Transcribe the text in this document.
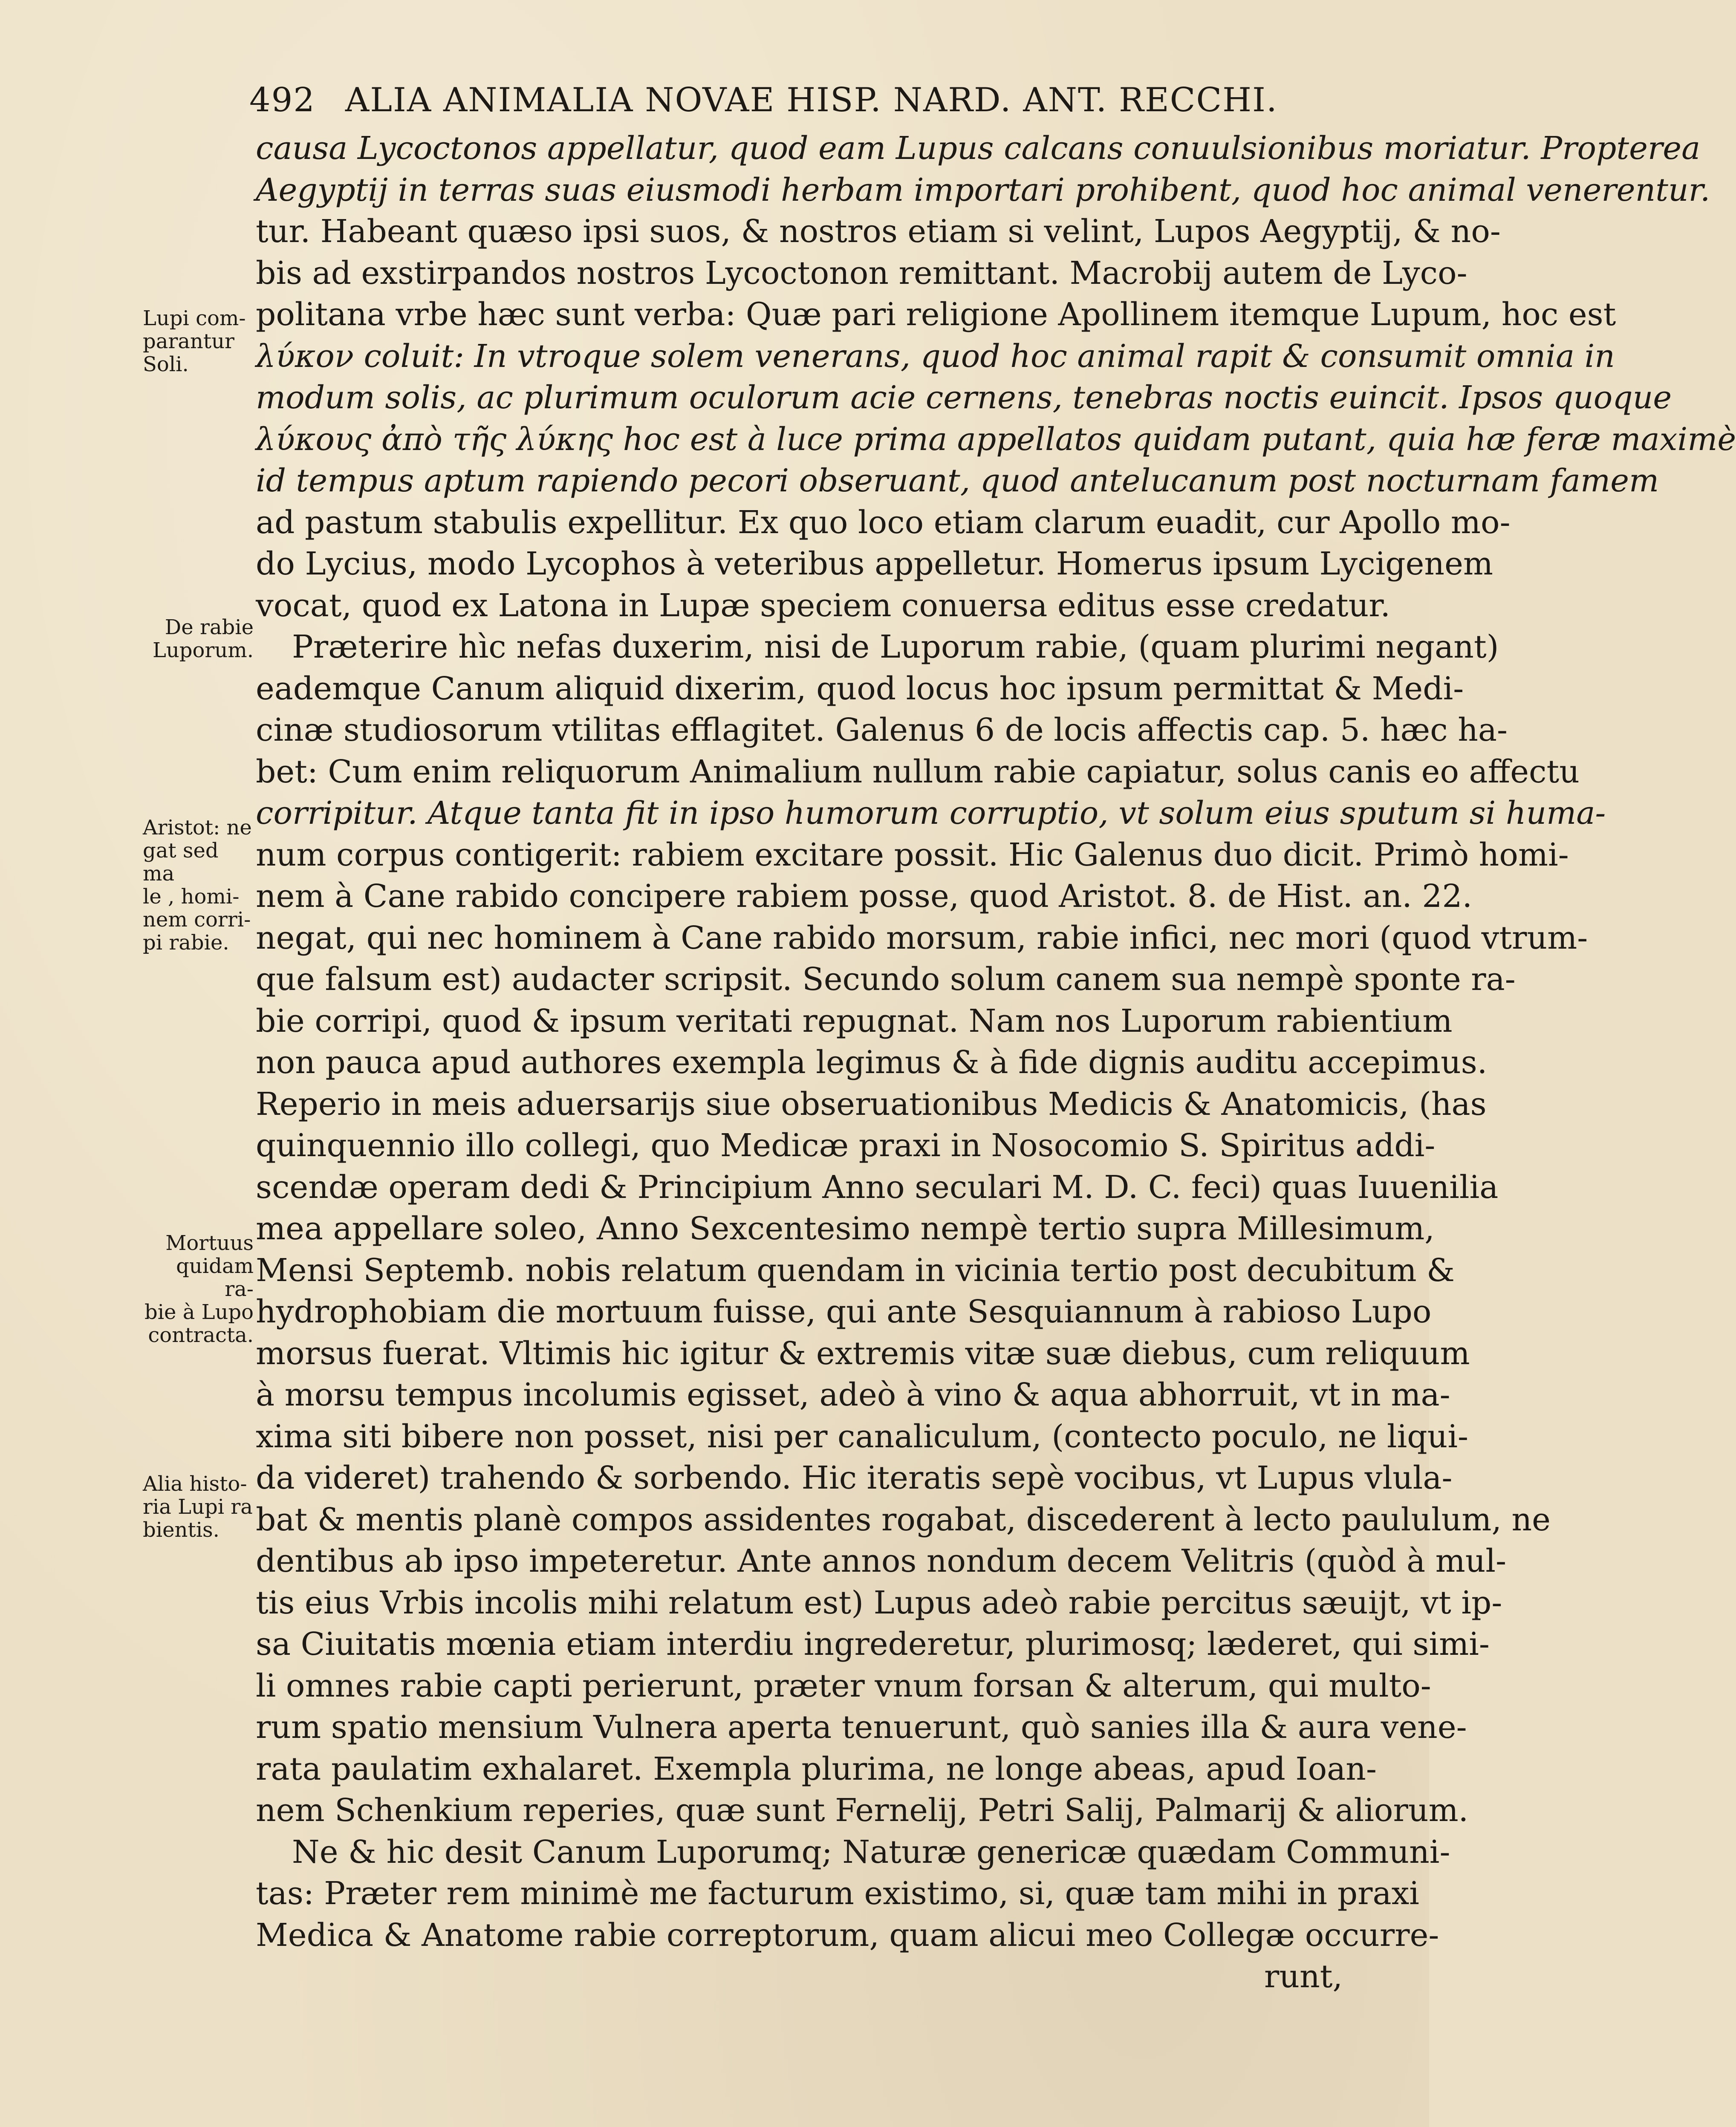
492 ALIA ANIMALIA NOVAE HISP. NARD. ANT. RECCHI.
Lupi com-
parantur
Soli.
De rabie
Luporum.
Aristot: ne
gat sed ma
le , homi-
nem corri-
pi rabie.
Mortuus
quidam ra-
bie à Lupo
contracta.
Alia histo-
ria Lupi ra
bientis.
causa Lycoctonos appellatur, quod eam Lupus calcans conuulsionibus moriatur. Propterea
Aegyptij in terras suas eiusmodi herbam importari prohibent, quod hoc animal venerentur.
tur. Habeant quæso ipsi suos, & nostros etiam si velint, Lupos Aegyptij, & no-
bis ad exstirpandos nostros Lycoctonon remittant. Macrobij autem de Lyco-
politana vrbe hæc sunt verba: Quæ pari religione Apollinem itemque Lupum, hoc est
λύκον coluit: In vtroque solem venerans, quod hoc animal rapit & consumit omnia in
modum solis, ac plurimum oculorum acie cernens, tenebras noctis euincit. Ipsos quoque
λύκους ἀπὸ τῆς λύκης hoc est à luce prima appellatos quidam putant, quia hæ feræ maximè
id tempus aptum rapiendo pecori obseruant, quod antelucanum post nocturnam famem
ad pastum stabulis expellitur. Ex quo loco etiam clarum euadit, cur Apollo mo-
do Lycius, modo Lycophos à veteribus appelletur. Homerus ipsum Lycigenem
vocat, quod ex Latona in Lupæ speciem conuersa editus esse credatur.
Præterire hìc nefas duxerim, nisi de Luporum rabie, (quam plurimi negant)
eademque Canum aliquid dixerim, quod locus hoc ipsum permittat & Medi-
cinæ studiosorum vtilitas efflagitet. Galenus 6 de locis affectis cap. 5. hæc ha-
bet: Cum enim reliquorum Animalium nullum rabie capiatur, solus canis eo affectu
corripitur. Atque tanta fit in ipso humorum corruptio, vt solum eius sputum si huma-
num corpus contigerit: rabiem excitare possit. Hic Galenus duo dicit. Primò homi-
nem à Cane rabido concipere rabiem posse, quod Aristot. 8. de Hist. an. 22.
negat, qui nec hominem à Cane rabido morsum, rabie infici, nec mori (quod vtrum-
que falsum est) audacter scripsit. Secundo solum canem sua nempè sponte ra-
bie corripi, quod & ipsum veritati repugnat. Nam nos Luporum rabientium
non pauca apud authores exempla legimus & à fide dignis auditu accepimus.
Reperio in meis aduersarijs siue obseruationibus Medicis & Anatomicis, (has
quinquennio illo collegi, quo Medicæ praxi in Nosocomio S. Spiritus addi-
scendæ operam dedi & Principium Anno seculari M. D. C. feci) quas Iuuenilia
mea appellare soleo, Anno Sexcentesimo nempè tertio supra Millesimum,
Mensi Septemb. nobis relatum quendam in vicinia tertio post decubitum &
hydrophobiam die mortuum fuisse, qui ante Sesquiannum à rabioso Lupo
morsus fuerat. Vltimis hic igitur & extremis vitæ suæ diebus, cum reliquum
à morsu tempus incolumis egisset, adeò à vino & aqua abhorruit, vt in ma-
xima siti bibere non posset, nisi per canaliculum, (contecto poculo, ne liqui-
da videret) trahendo & sorbendo. Hic iteratis sepè vocibus, vt Lupus vlula-
bat & mentis planè compos assidentes rogabat, discederent à lecto paululum, ne
dentibus ab ipso impeteretur. Ante annos nondum decem Velitris (quòd à mul-
tis eius Vrbis incolis mihi relatum est) Lupus adeò rabie percitus sæuijt, vt ip-
sa Ciuitatis mœnia etiam interdiu ingrederetur, plurimosq; læderet, qui simi-
li omnes rabie capti perierunt, præter vnum forsan & alterum, qui multo-
rum spatio mensium Vulnera aperta tenuerunt, quò sanies illa & aura vene-
rata paulatim exhalaret. Exempla plurima, ne longe abeas, apud Ioan-
nem Schenkium reperies, quæ sunt Fernelij, Petri Salij, Palmarij & aliorum.
Ne & hic desit Canum Luporumq; Naturæ genericæ quædam Communi-
tas: Præter rem minimè me facturum existimo, si, quæ tam mihi in praxi
Medica & Anatome rabie correptorum, quam alicui meo Collegæ occurre-
runt,
